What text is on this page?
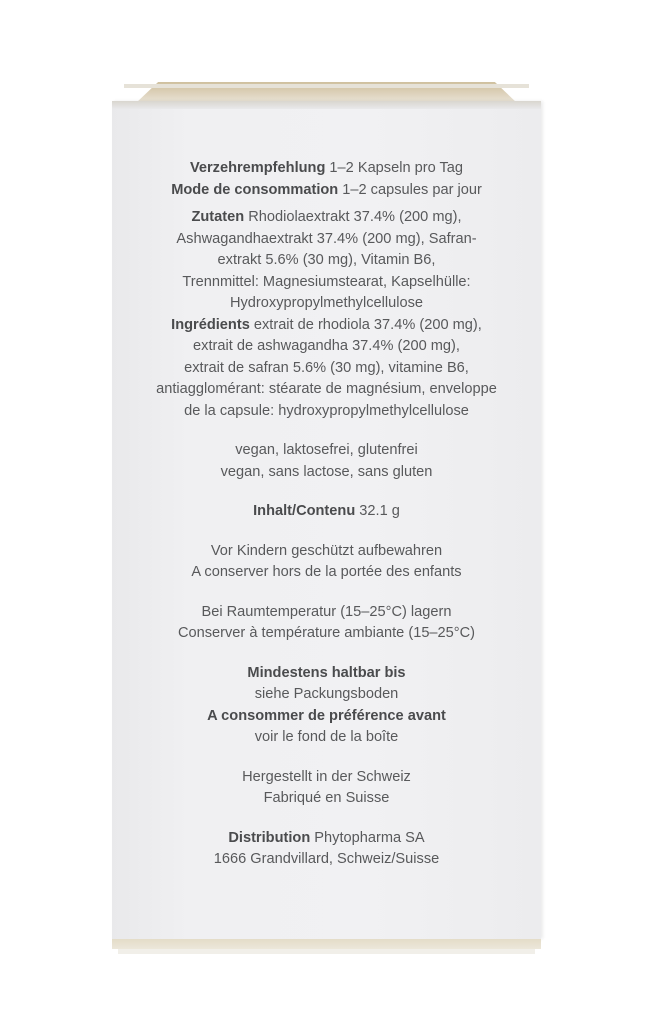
Verzehrempfehlung 1–2 Kapseln pro Tag

Mode de consommation 1–2 capsules par jour

Zutaten Rhodiolaextrakt 37.4% (200 mg),
Ashwagandhaextrakt 37.4% (200 mg), Safran-
extrakt 5.6% (30 mg), Vitamin B6,
Trennmittel: Magnesiumstearat, Kapselhülle:
Hydroxypropylmethylcellulose

Ingrédients extrait de rhodiola 37.4% (200 mg),
extrait de ashwagandha 37.4% (200 mg),
extrait de safran 5.6% (30 mg), vitamine B6,
antiagglomérant: stéarate de magnésium, enveloppe
de la capsule: hydroxypropylmethylcellulose

vegan, laktosefrei, glutenfrei

vegan, sans lactose, sans gluten

Inhalt/Contenu 32.1 g

Vor Kindern geschützt aufbewahren

A conserver hors de la portée des enfants

Bei Raumtemperatur (15–25°C) lagern

Conserver à température ambiante (15–25°C)

Mindestens haltbar bis

siehe Packungsboden

A consommer de préférence avant

voir le fond de la boîte

Hergestellt in der Schweiz

Fabriqué en Suisse

Distribution Phytopharma SA

1666 Grandvillard, Schweiz/Suisse
